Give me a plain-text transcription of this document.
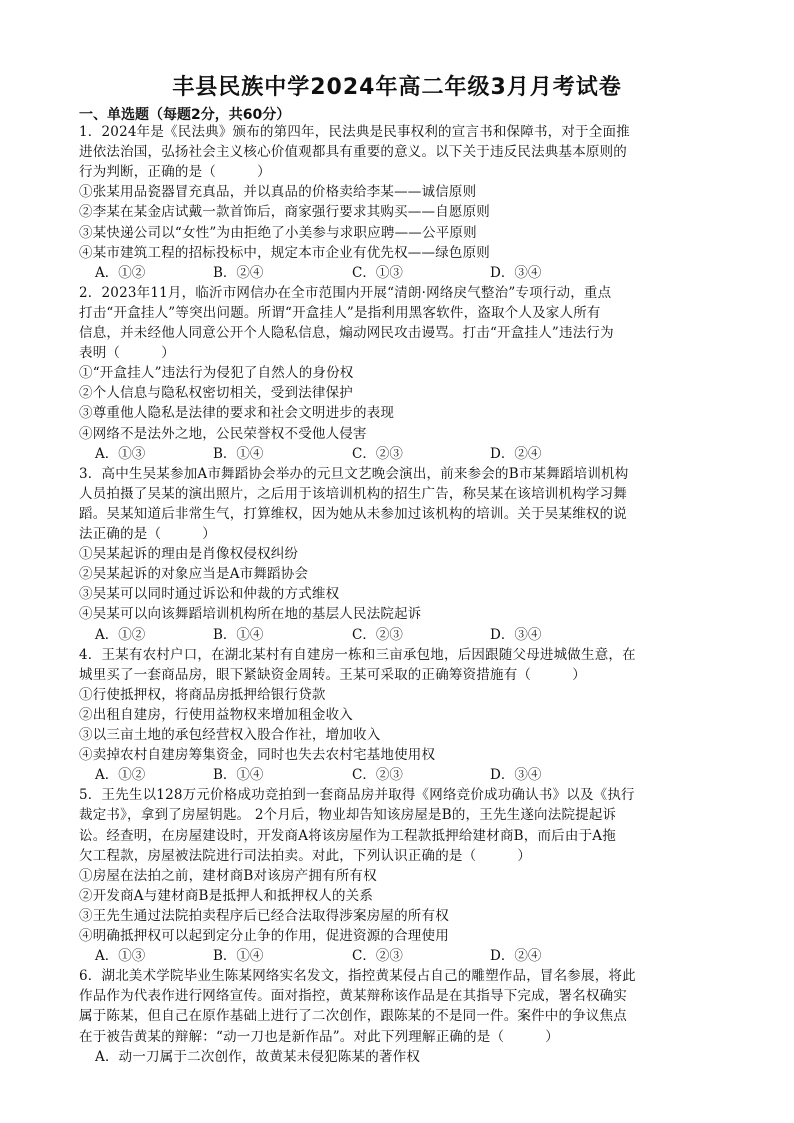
丰县民族中学2024年高二年级3月月考试卷
一、单选题（每题2分，共60分）
1．2024年是《民法典》颁布的第四年，民法典是民事权利的宣言书和保障书，对于全面推
进依法治国，弘扬社会主义核心价值观都具有重要的意义。以下关于违反民法典基本原则的
行为判断，正确的是（　　　）
①张某用品瓷器冒充真品，并以真品的价格卖给李某——诚信原则
②李某在某金店试戴一款首饰后，商家强行要求其购买——自愿原则
③某快递公司以“女性”为由拒绝了小美参与求职应聘——公平原则
④某市建筑工程的招标投标中，规定本市企业有优先权——绿色原则
A．①②	B．②④	C．①③	D．③④
2．2023年11月，临沂市网信办在全市范围内开展“清朗·网络戾气整治”专项行动，重点
打击“开盒挂人”等突出问题。所谓“开盒挂人”是指利用黑客软件，盗取个人及家人所有
信息，并未经他人同意公开个人隐私信息，煽动网民攻击谩骂。打击“开盒挂人”违法行为
表明（　　　）
①“开盒挂人”违法行为侵犯了自然人的身份权
②个人信息与隐私权密切相关，受到法律保护
③尊重他人隐私是法律的要求和社会文明进步的表现
④网络不是法外之地，公民荣誉权不受他人侵害
A．①③	B．①④	C．②③	D．②④
3．高中生吴某参加A市舞蹈协会举办的元旦文艺晚会演出，前来参会的B市某舞蹈培训机构
人员拍摄了吴某的演出照片，之后用于该培训机构的招生广告，称吴某在该培训机构学习舞
蹈。吴某知道后非常生气，打算维权，因为她从未参加过该机构的培训。关于吴某维权的说
法正确的是（　　　）
①吴某起诉的理由是肖像权侵权纠纷
②吴某起诉的对象应当是A市舞蹈协会
③吴某可以同时通过诉讼和仲裁的方式维权
④吴某可以向该舞蹈培训机构所在地的基层人民法院起诉
A．①②	B．①④	C．②③	D．③④
4．王某有农村户口，在湖北某村有自建房一栋和三亩承包地，后因跟随父母进城做生意，在
城里买了一套商品房，眼下紧缺资金周转。王某可采取的正确筹资措施有（　　　）
①行使抵押权，将商品房抵押给银行贷款
②出租自建房，行使用益物权来增加租金收入
③以三亩土地的承包经营权入股合作社，增加收入
④卖掉农村自建房筹集资金，同时也失去农村宅基地使用权
A．①②	B．①④	C．②③	D．③④
5．王先生以128万元价格成功竞拍到一套商品房并取得《网络竞价成功确认书》以及《执行
裁定书》，拿到了房屋钥匙。 2个月后，物业却告知该房屋是B的，王先生遂向法院提起诉
讼。经查明，在房屋建设时，开发商A将该房屋作为工程款抵押给建材商B，而后由于A拖
欠工程款，房屋被法院进行司法拍卖。对此，下列认识正确的是（　　　）
①房屋在法拍之前，建材商B对该房产拥有所有权
②开发商A与建材商B是抵押人和抵押权人的关系
③王先生通过法院拍卖程序后已经合法取得涉案房屋的所有权
④明确抵押权可以起到定分止争的作用，促进资源的合理使用
A．①③	B．①④	C．②③	D．②④
6．湖北美术学院毕业生陈某网络实名发文，指控黄某侵占自己的雕塑作品，冒名参展，将此
作品作为代表作进行网络宣传。面对指控，黄某辩称该作品是在其指导下完成，署名权确实
属于陈某，但自己在原作基础上进行了二次创作，跟陈某的不是同一件。案件中的争议焦点
在于被告黄某的辩解：“动一刀也是新作品”。对此下列理解正确的是（　　　）
A．动一刀属于二次创作，故黄某未侵犯陈某的著作权
